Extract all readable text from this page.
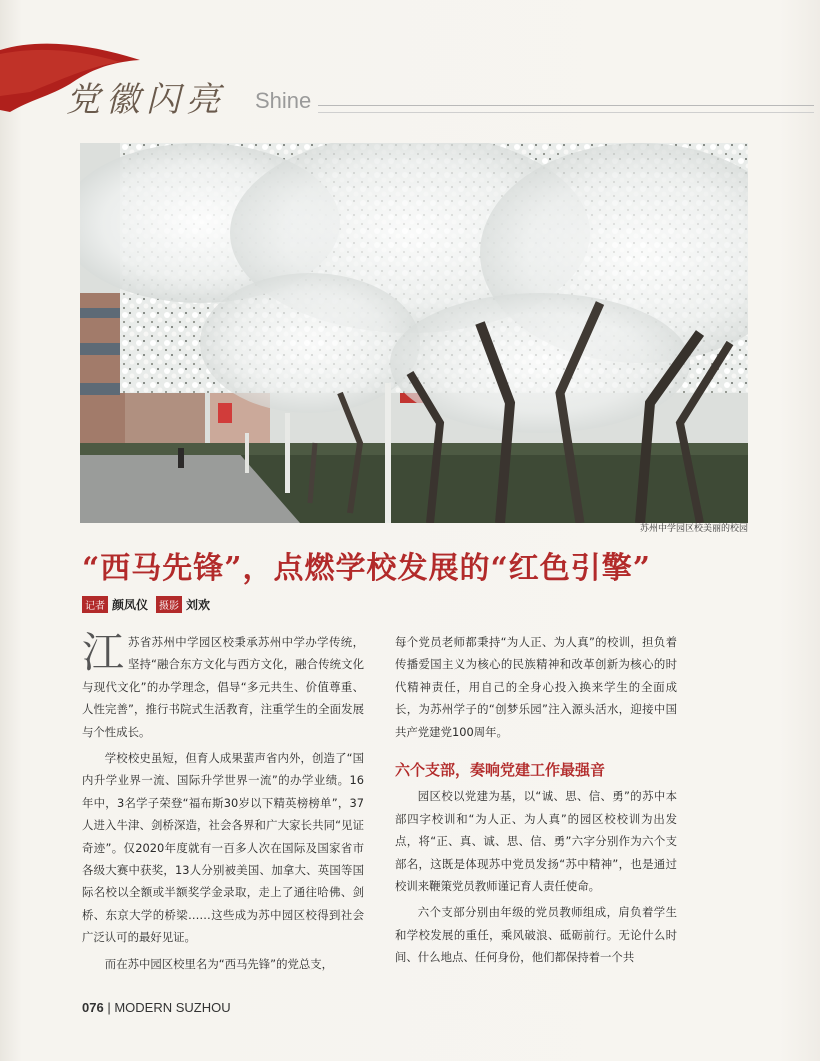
党徽闪亮 Shine
苏州中学园区校美丽的校园
“西马先锋”，点燃学校发展的“红色引擎”
记者 颜凤仪	摄影 刘欢

江苏省苏州中学园区校秉承苏州中学办学传统，坚持“融合东方文化与西方文化，融合传统文化与现代文化”的办学理念，倡导“多元共生、价值尊重、人性完善”，推行书院式生活教育，注重学生的全面发展与个性成长。

学校校史虽短，但育人成果蜚声省内外，创造了“国内升学业界一流、国际升学世界一流”的办学业绩。16年中，3名学子荣登“福布斯30岁以下精英榜榜单”，37人进入牛津、剑桥深造，社会各界和广大家长共同“见证奇迹”。仅2020年度就有一百多人次在国际及国家省市各级大赛中获奖，13人分别被美国、加拿大、英国等国际名校以全额或半额奖学金录取，走上了通往哈佛、剑桥、东京大学的桥梁……这些成为苏中园区校得到社会广泛认可的最好见证。

而在苏中园区校里名为“西马先锋”的党总支，

每个党员老师都秉持“为人正、为人真”的校训，担负着传播爱国主义为核心的民族精神和改革创新为核心的时代精神责任，用自己的全身心投入换来学生的全面成长，为苏州学子的“创梦乐园”注入源头活水，迎接中国共产党建党100周年。

六个支部，奏响党建工作最强音

园区校以党建为基，以“诚、思、信、勇”的苏中本部四字校训和“为人正、为人真”的园区校校训为出发点，将“正、真、诚、思、信、勇”六字分别作为六个支部名，这既是体现苏中党员发扬“苏中精神”，也是通过校训来鞭策党员教师谨记育人责任使命。

六个支部分别由年级的党员教师组成，肩负着学生和学校发展的重任，乘风破浪、砥砺前行。无论什么时间、什么地点、任何身份，他们都保持着一个共

076 | MODERN SUZHOU
